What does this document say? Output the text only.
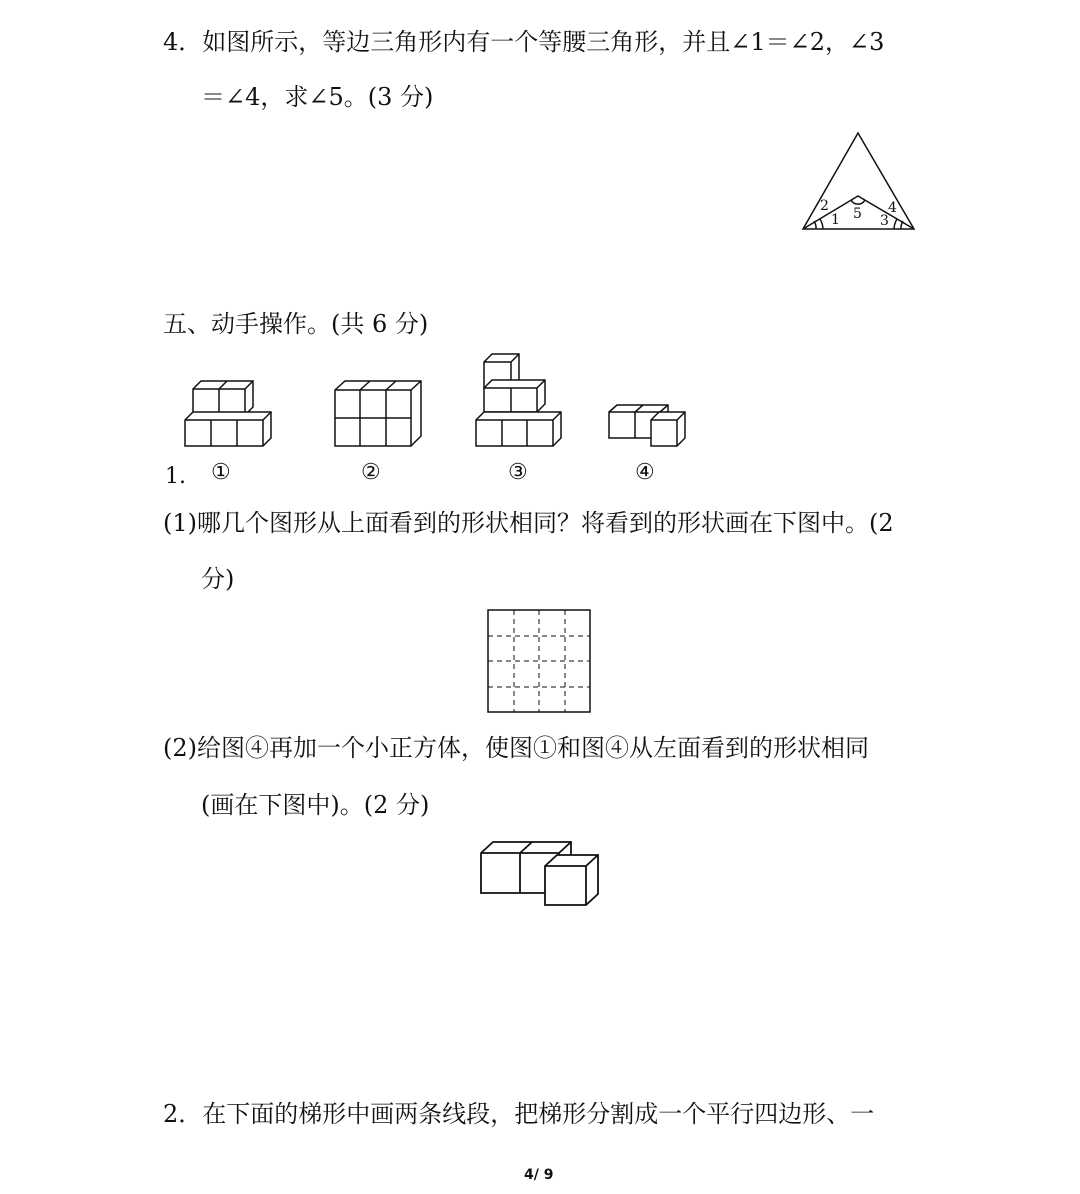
4．如图所示，等边三角形内有一个等腰三角形，并且∠1＝∠2，∠3
＝∠4，求∠5。(3 分)
2
1 5 4
3
五、动手操作。(共 6 分)
1. ①	②	③	④
(1)哪几个图形从上面看到的形状相同？将看到的形状画在下图中。(2
分)
(2)给图④再加一个小正方体，使图①和图④从左面看到的形状相同
(画在下图中)。(2 分)
2．在下面的梯形中画两条线段，把梯形分割成一个平行四边形、一
4/ 9
